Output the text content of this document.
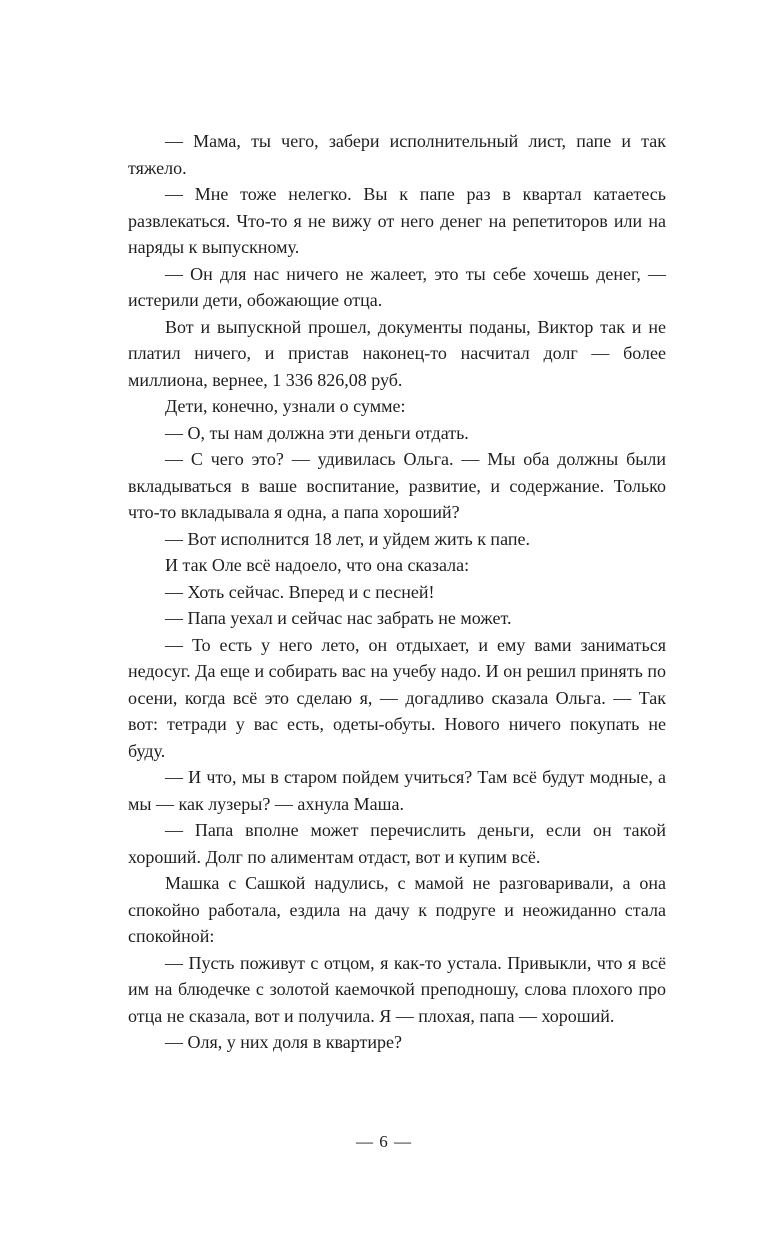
— Мама, ты чего, забери исполнительный лист, папе и так тяжело.

— Мне тоже нелегко. Вы к папе раз в квартал катаетесь развлекаться. Что-то я не вижу от него денег на репетиторов или на наряды к выпускному.

— Он для нас ничего не жалеет, это ты себе хочешь денег, — истерили дети, обожающие отца.

Вот и выпускной прошел, документы поданы, Виктор так и не платил ничего, и пристав наконец-то насчитал долг — более миллиона, вернее, 1 336 826,08 руб.

Дети, конечно, узнали о сумме:

— О, ты нам должна эти деньги отдать.

— С чего это? — удивилась Ольга. — Мы оба должны были вкладываться в ваше воспитание, развитие, и содержание. Только что-то вкладывала я одна, а папа хороший?

— Вот исполнится 18 лет, и уйдем жить к папе.

И так Оле всё надоело, что она сказала:

— Хоть сейчас. Вперед и с песней!

— Папа уехал и сейчас нас забрать не может.

— То есть у него лето, он отдыхает, и ему вами заниматься недосуг. Да еще и собирать вас на учебу надо. И он решил принять по осени, когда всё это сделаю я, — догадливо сказала Ольга. — Так вот: тетради у вас есть, одеты-обуты. Нового ничего покупать не буду.

— И что, мы в старом пойдем учиться? Там всё будут модные, а мы — как лузеры? — ахнула Маша.

— Папа вполне может перечислить деньги, если он такой хороший. Долг по алиментам отдаст, вот и купим всё.

Машка с Сашкой надулись, с мамой не разговаривали, а она спокойно работала, ездила на дачу к подруге и неожиданно стала спокойной:

— Пусть поживут с отцом, я как-то устала. Привыкли, что я всё им на блюдечке с золотой каемочкой преподношу, слова плохого про отца не сказала, вот и получила. Я — плохая, папа — хороший.

— Оля, у них доля в квартире?

— 6 —
